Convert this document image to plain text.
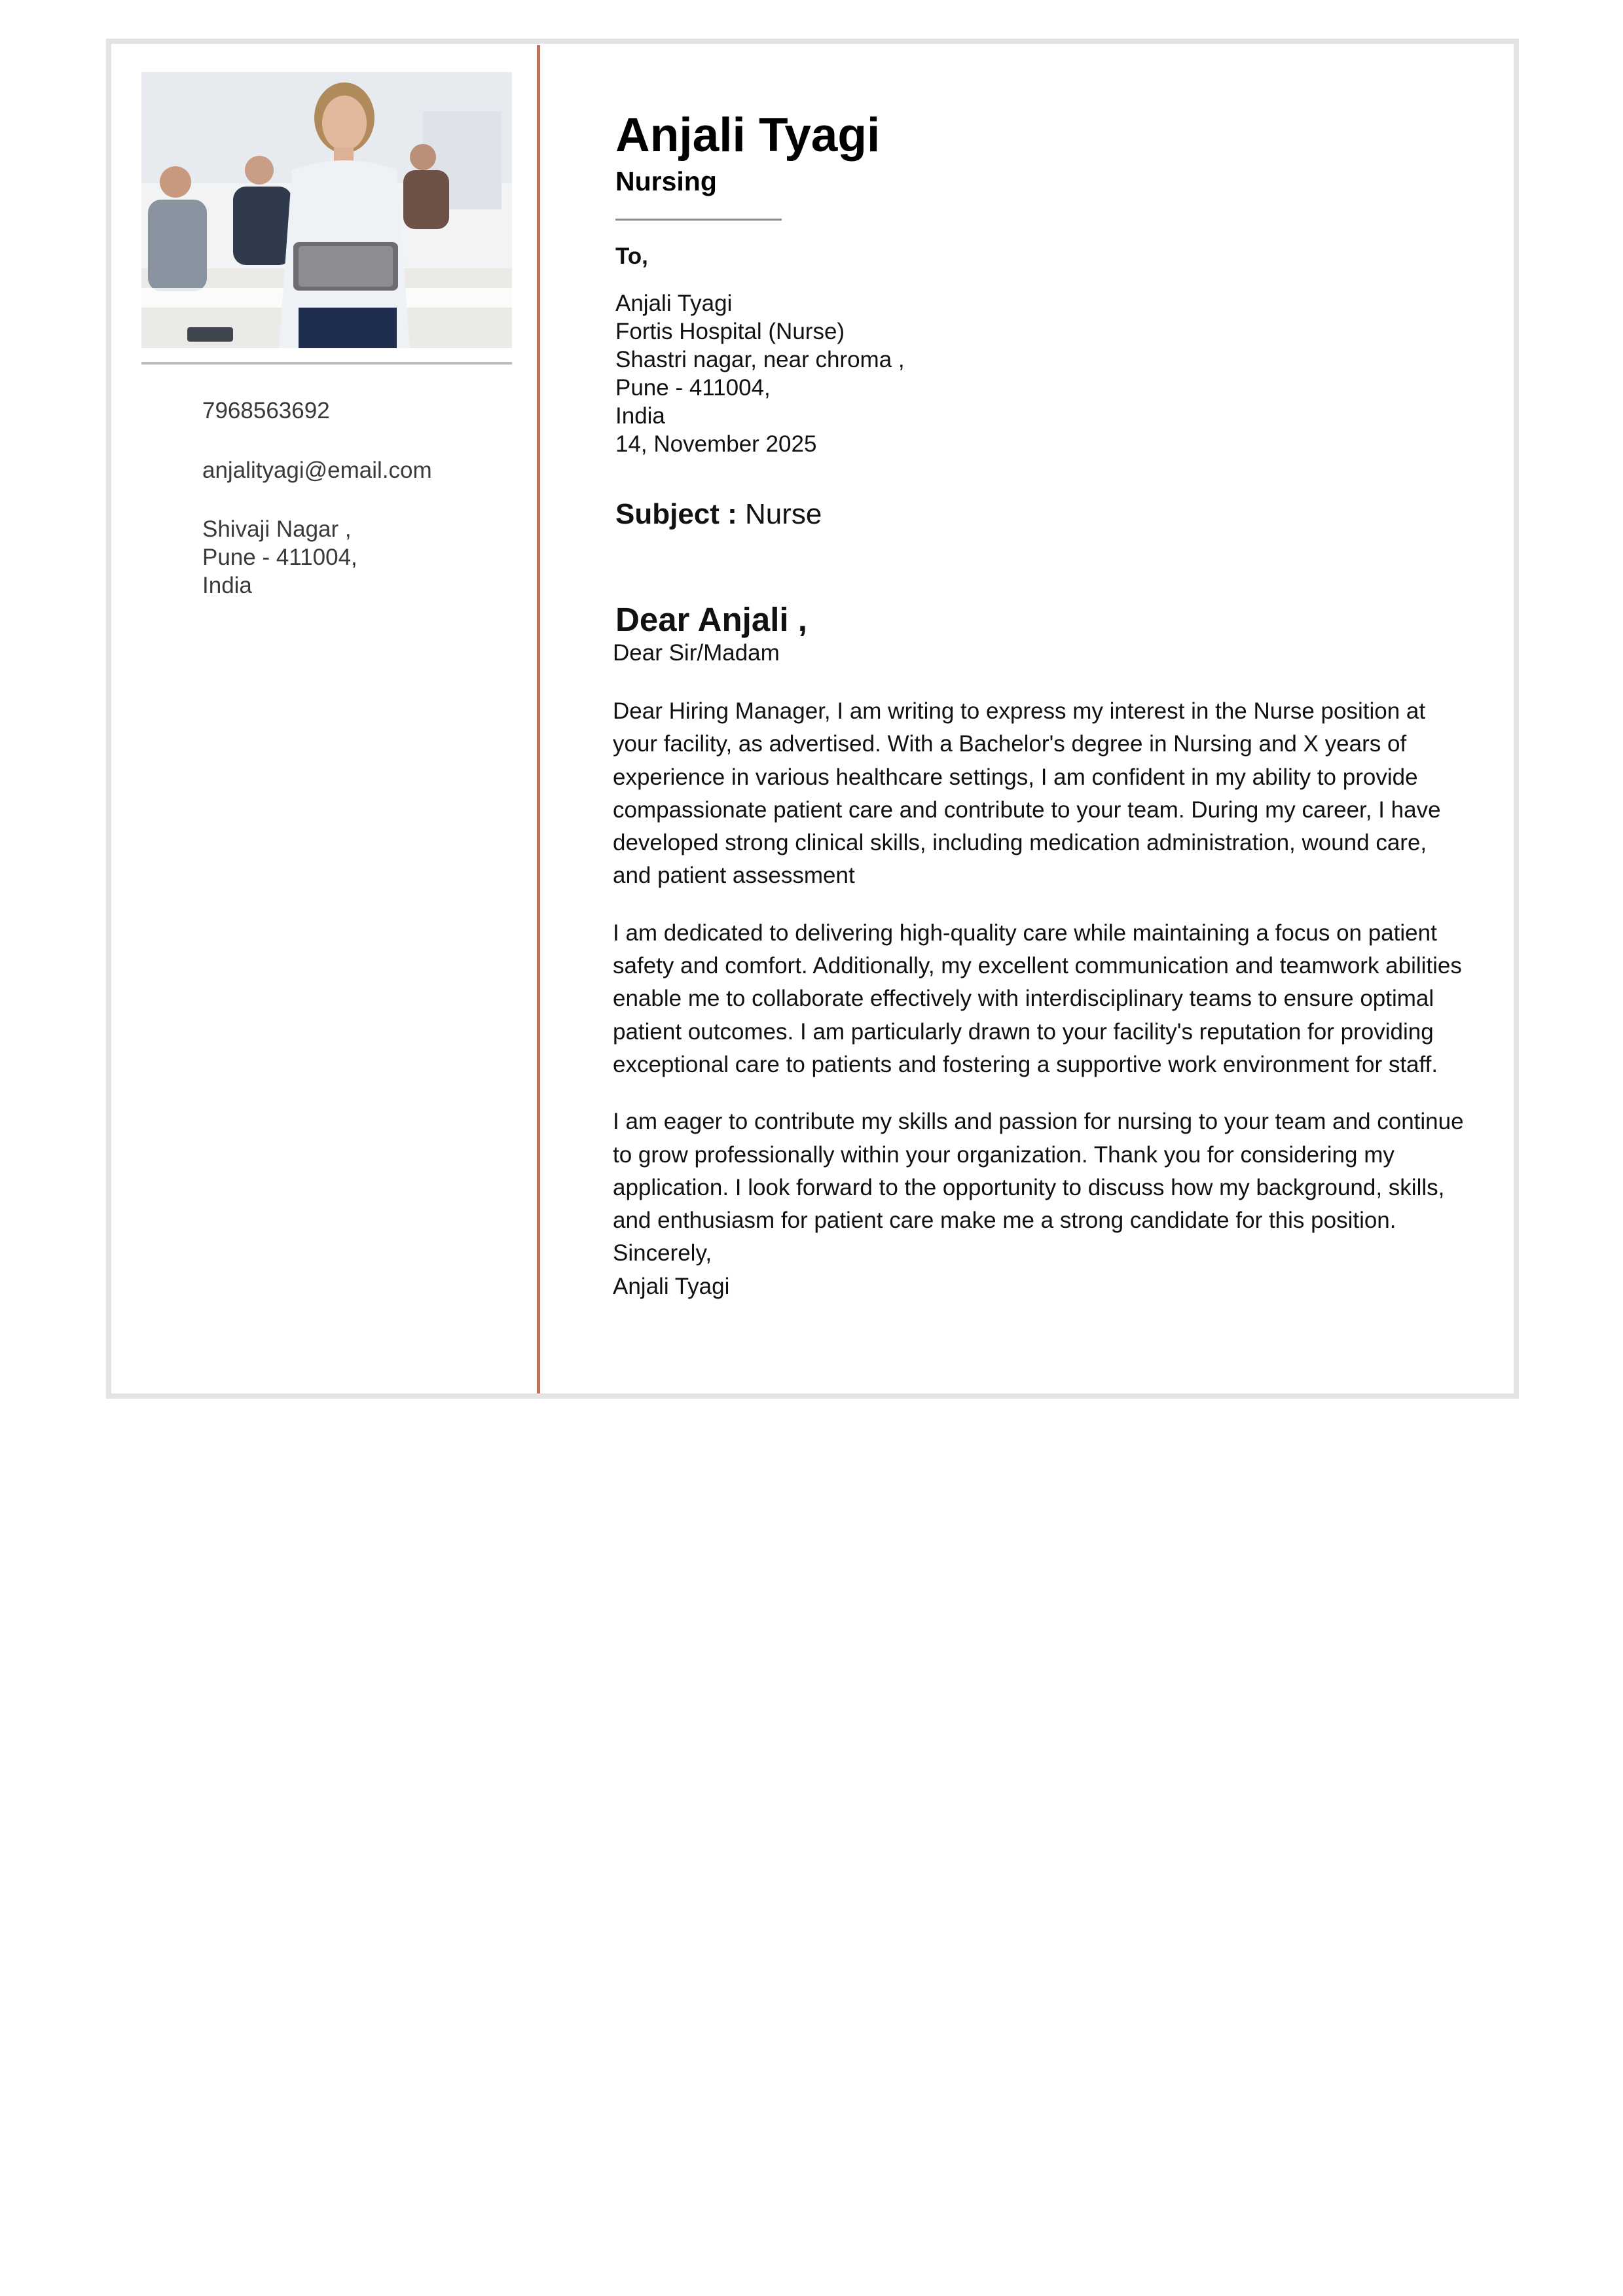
7968563692
anjalityagi@email.com
Shivaji Nagar ,
Pune - 411004,
India
Anjali Tyagi
Nursing
To,
Anjali Tyagi
Fortis Hospital (Nurse)
Shastri nagar, near chroma ,
Pune - 411004,
India
14, November 2025
Subject : Nurse
Dear Anjali ,
Dear Sir/Madam

Dear Hiring Manager, I am writing to express my interest in the Nurse position at your facility, as advertised. With a Bachelor's degree in Nursing and X years of experience in various healthcare settings, I am confident in my ability to provide compassionate patient care and contribute to your team. During my career, I have developed strong clinical skills, including medication administration, wound care, and patient assessment

I am dedicated to delivering high-quality care while maintaining a focus on patient safety and comfort. Additionally, my excellent communication and teamwork abilities enable me to collaborate effectively with interdisciplinary teams to ensure optimal patient outcomes. I am particularly drawn to your facility's reputation for providing exceptional care to patients and fostering a supportive work environment for staff.

I am eager to contribute my skills and passion for nursing to your team and continue to grow professionally within your organization. Thank you for considering my application. I look forward to the opportunity to discuss how my background, skills, and enthusiasm for patient care make me a strong candidate for this position.

Sincerely,
Anjali Tyagi
